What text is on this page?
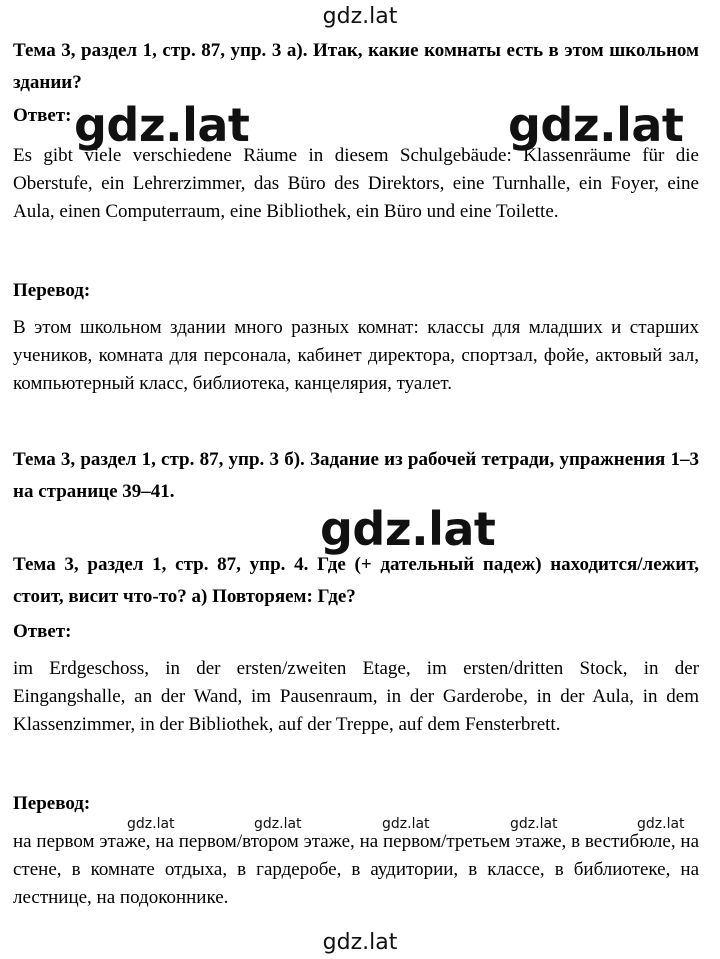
Тема 3, раздел 1, стр. 87, упр. 3 а). Итак, какие комнаты есть в этом школьном здании?
Ответ:
Es gibt viele verschiedene Räume in diesem Schulgebäude: Klassenräume für die Oberstufe, ein Lehrerzimmer, das Büro des Direktors, eine Turnhalle, ein Foyer, eine Aula, einen Computerraum, eine Bibliothek, ein Büro und eine Toilette.
Перевод:
В этом школьном здании много разных комнат: классы для младших и старших учеников, комната для персонала, кабинет директора, спортзал, фойе, актовый зал, компьютерный класс, библиотека, канцелярия, туалет.
Тема 3, раздел 1, стр. 87, упр. 3 б). Задание из рабочей тетради, упражнения 1–3 на странице 39–41.
Тема 3, раздел 1, стр. 87, упр. 4. Где (+ дательный падеж) находится/лежит, стоит, висит что-то? а) Повторяем: Где?
Ответ:
im Erdgeschoss, in der ersten/zweiten Etage, im ersten/dritten Stock, in der Eingangshalle, an der Wand, im Pausenraum, in der Garderobe, in der Aula, in dem Klassenzimmer, in der Bibliothek, auf der Treppe, auf dem Fensterbrett.
Перевод:
на первом этаже, на первом/втором этаже, на первом/третьем этаже, в вестибюле, на стене, в комнате отдыха, в гардеробе, в аудитории, в классе, в библиотеке, на лестнице, на подоконнике.
gdz.lat
gdz.lat	gdz.lat
gdz.lat
gdz.lat	gdz.lat	gdz.lat	gdz.lat	gdz.lat
gdz.lat
